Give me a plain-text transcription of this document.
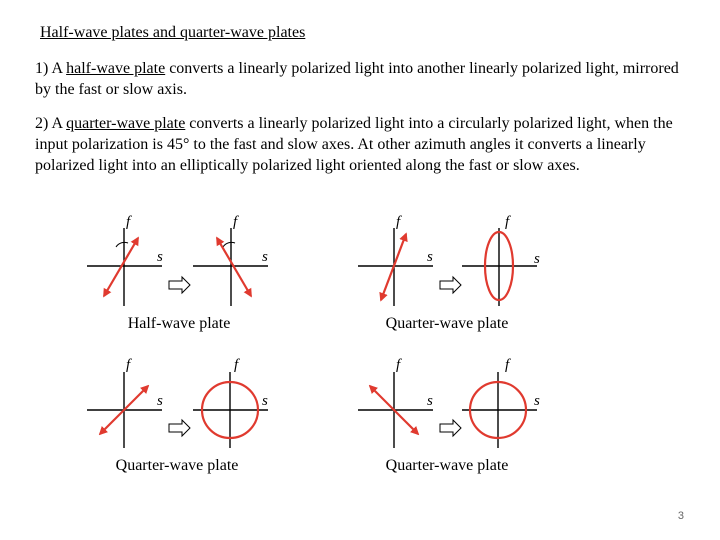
Half-wave plates and quarter-wave plates
1) A half-wave plate converts a linearly polarized light into another linearly polarized light, mirrored by the fast or slow axis.
2) A quarter-wave plate converts a linearly polarized light into a circularly polarized light, when the input polarization is 45° to the fast and slow axes. At other azimuth angles it converts a linearly polarized light into an elliptically polarized light oriented along the fast or slow axes.
f
s
f
s
Half-wave plate
f
s
f
s
Quarter-wave plate
f
s
f
s
Quarter-wave plate
f
s
f
s
Quarter-wave plate
3
